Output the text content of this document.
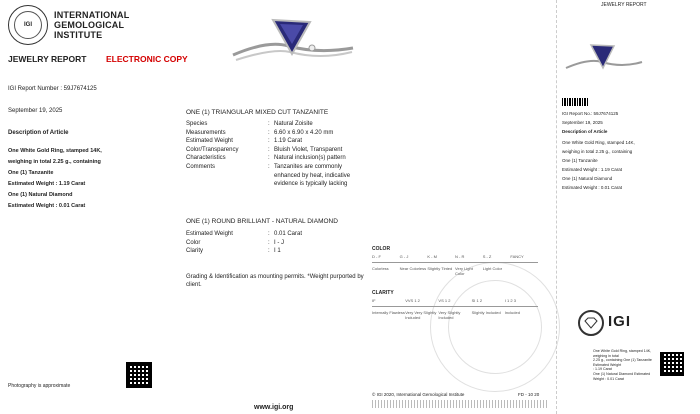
IGI
INTERNATIONAL
GEMOLOGICAL
INSTITUTE
JEWELRY REPORT ELECTRONIC COPY
IGI Report Number : 59J7674125
September 19, 2025
Description of Article
One White Gold Ring, stamped 14K,
weighing in total 2.25 g., containing
One (1) Tanzanite
Estimated Weight : 1.19 Carat
One (1) Natural Diamond
Estimated Weight : 0.01 Carat
Photography is approximate
www.igi.org
ONE (1) TRIANGULAR MIXED CUT TANZANITE
Species	:	Natural Zoisite
Measurements	:	6.60 x 6.90 x 4.20 mm
Estimated Weight	:	1.19 Carat
Color/Transparency	:	Bluish Violet, Transparent
Characteristics	:	Natural inclusion(s) pattern
Comments	:	Tanzanites are commonly enhanced by heat, indicative evidence is typically lacking
ONE (1) ROUND BRILLIANT - NATURAL DIAMOND
Estimated Weight	:	0.01 Carat
Color	:	I - J
Clarity	:	I 1
Grading & Identification as mounting permits. *Weight purported by client.
COLOR
D - F	G - J	K - M	N - R	S - Z	FANCY
Colorless	Near Colorless Slightly Tinted Very Light Color
Light Color
CLARITY
IF	VVS 1 2	VS 1 2	SI 1 2	I 1 2 3
Internally Flawless Very Very Slightly Included
Very Slightly Included
Slightly Included	Included
© IGI 2020, International Gemological Institute	FD - 10 20
JEWELRY REPORT
IGI Report No.: 59J7674125
September 19, 2025
Description of Article
One White Gold Ring, stamped 14K,
weighing in total 2.25 g., containing
One (1) Tanzanite
Estimated Weight : 1.19 Carat
One (1) Natural Diamond
Estimated Weight : 0.01 Carat
IGI
One White Gold Ring, stamped 14K, weighing in total
2.25 g., containing One (1) Tanzanite Estimated Weight
: 1.19 Carat
One (1) Natural Diamond Estimated Weight : 0.01 Carat
